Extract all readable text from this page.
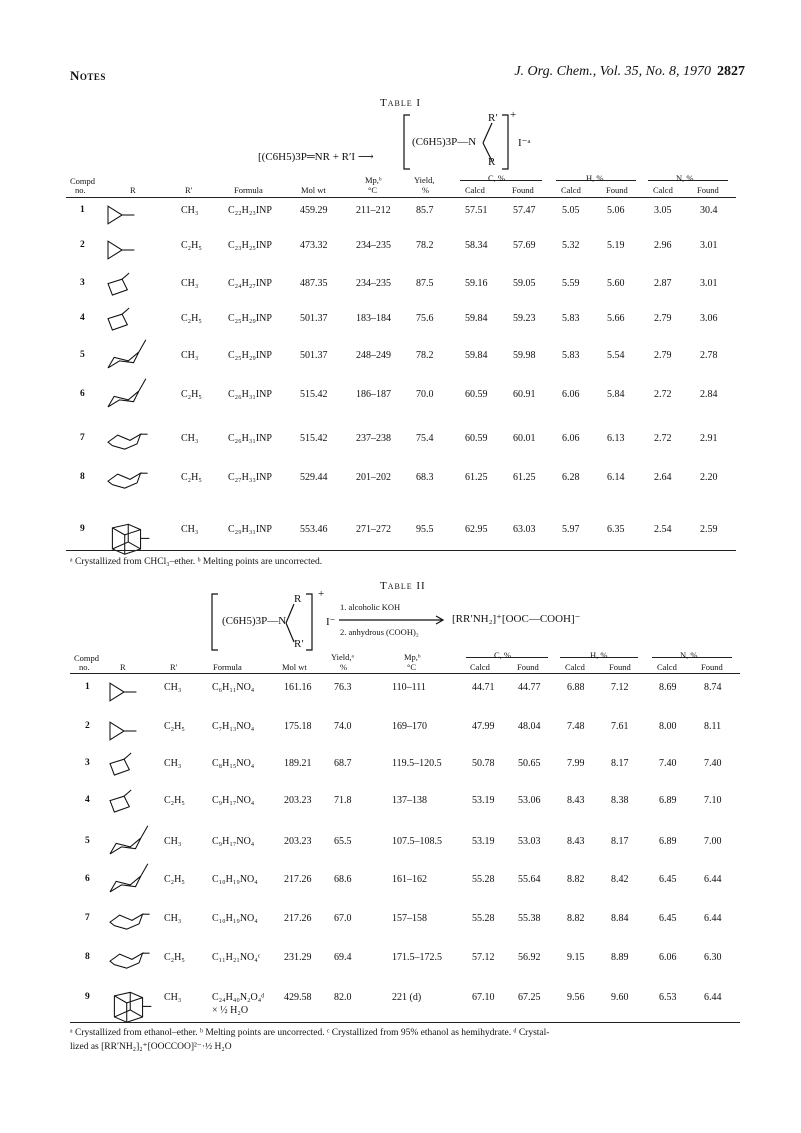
Notes	J. Org. Chem., Vol. 35, No. 8, 1970 2827
Table I
[(C6H5)3P═NR + R′I ⟶
(C6H5)3P—N
R′
R
+
I⁻ᵃ
Compd
no.	R	R′	Formula	Mol wt
Mp,ᵇ
°C
Yield,
%
C, %	H, %	N, %
Calcd	Found	Calcd	Found	Calcd	Found
1	CH₃	C₂₂H₂₃INP	459.29	211–212	85.7	57.51	57.47	5.05	5.06	3.05	30.4
2	C₂H₅	C₂₃H₂₅INP	473.32	234–235	78.2	58.34	57.69	5.32	5.19	2.96	3.01
3	CH₃	C₂₄H₂₇INP	487.35	234–235	87.5	59.16	59.05	5.59	5.60	2.87	3.01
4	C₂H₅	C₂₅H₂₉INP	501.37	183–184	75.6	59.84	59.23	5.83	5.66	2.79	3.06
5	CH₃	C₂₅H₂₉INP	501.37	248–249	78.2	59.84	59.98	5.83	5.54	2.79	2.78
6	C₂H₅	C₂₆H₃₁INP	515.42	186–187	70.0	60.59	60.91	6.06	5.84	2.72	2.84
7	CH₃	C₂₆H₃₁INP	515.42	237–238	75.4	60.59	60.01	6.06	6.13	2.72	2.91
8	C₂H₅	C₂₇H₃₃INP	529.44	201–202	68.3	61.25	61.25	6.28	6.14	2.64	2.20
9	CH₃	C₂₉H₃₁INP	553.46	271–272	95.5	62.95	63.03	5.97	6.35	2.54	2.59
ᵃ Crystallized from CHCl₃–ether. ᵇ Melting points are uncorrected.
Table II
(C6H5)3P—N
R
R′
+
I⁻
1. alcoholic KOH
2. anhydrous (COOH)₂
[RR′NH₂]⁺[OOC—COOH]⁻
Compd
no.	R	R′	Formula	Mol wt
Yield,ᵃ
%
Mp,ᵇ
°C
C, %	H, %	N, %
Calcd	Found	Calcd	Found	Calcd	Found
1	CH₃	C₆H₁₁NO₄	161.16 76.3	110–111	44.71 44.77	6.88	7.12	8.69	8.74
2	C₂H₅	C₇H₁₃NO₄	175.18 74.0	169–170	47.99 48.04	7.48	7.61	8.00	8.11
3	CH₃	C₈H₁₅NO₄	189.21 68.7	119.5–120.5	50.78 50.65	7.99	8.17	7.40	7.40
4	C₂H₅	C₉H₁₇NO₄	203.23 71.8	137–138	53.19 53.06	8.43	8.38	6.89	7.10
5	CH₃	C₉H₁₇NO₄	203.23 65.5	107.5–108.5	53.19 53.03	8.43	8.17	6.89	7.00
6	C₂H₅	C₁₀H₁₉NO₄	217.26 68.6	161–162	55.28 55.64	8.82	8.42	6.45	6.44
7	CH₃	C₁₀H₁₉NO₄	217.26 67.0	157–158	55.28 55.38	8.82	8.84	6.45	6.44
8	C₂H₅	C₁₁H₂₁NO₄ᶜ 231.29 69.4	171.5–172.5	57.12 56.92	9.15	8.89	6.06	6.30
9	CH₃	C₂₄H₄₀N₂O₄ᵈ 429.58 82.0	221 (d)	67.10 67.25	9.56	9.60	6.53	6.44
× ½ H₂O
ᵃ Crystallized from ethanol–ether. ᵇ Melting points are uncorrected. ᶜ Crystallized from 95% ethanol as hemihydrate. ᵈ Crystal-
lized as [RR′NH₂]₂⁺[OOCCOO]²⁻·½ H₂O
